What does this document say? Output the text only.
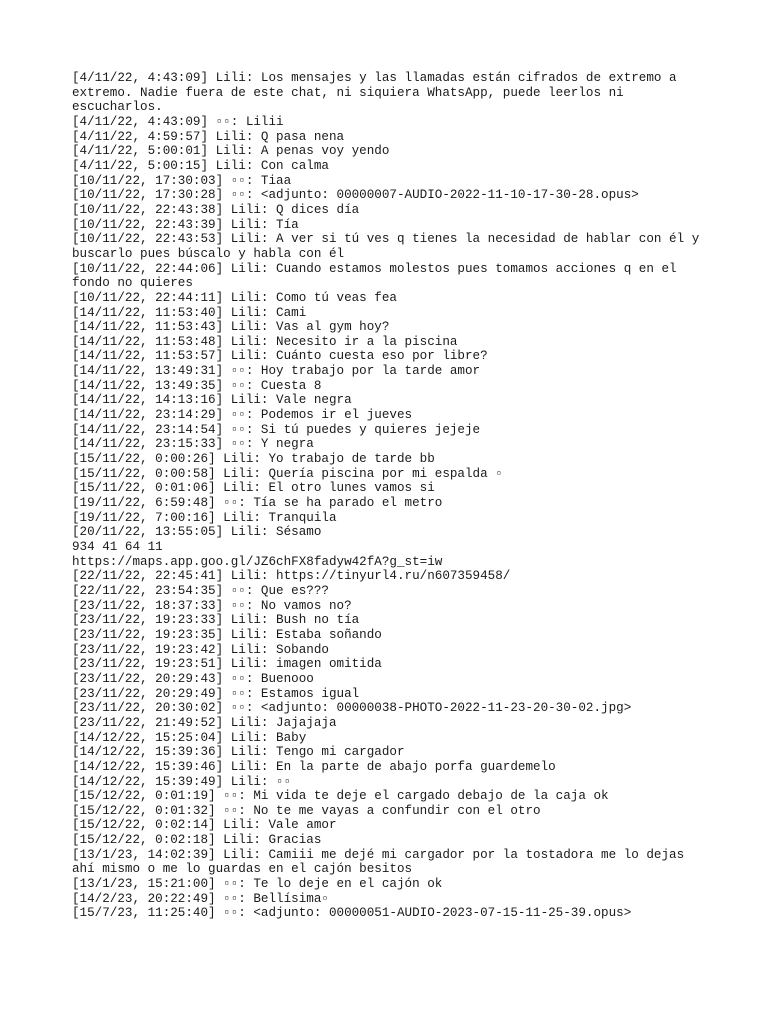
[4/11/22, 4:43:09] Lili: Los mensajes y las llamadas están cifrados de extremo a extremo. Nadie fuera de este chat, ni siquiera WhatsApp, puede leerlos ni escucharlos.
[4/11/22, 4:43:09] ▫▫: Lilii
[4/11/22, 4:59:57] Lili: Q pasa nena
[4/11/22, 5:00:01] Lili: A penas voy yendo
[4/11/22, 5:00:15] Lili: Con calma
[10/11/22, 17:30:03] ▫▫: Tiaa
[10/11/22, 17:30:28] ▫▫: <adjunto: 00000007-AUDIO-2022-11-10-17-30-28.opus>
[10/11/22, 22:43:38] Lili: Q dices día
[10/11/22, 22:43:39] Lili: Tía
[10/11/22, 22:43:53] Lili: A ver si tú ves q tienes la necesidad de hablar con él y buscarlo pues búscalo y habla con él
[10/11/22, 22:44:06] Lili: Cuando estamos molestos pues tomamos acciones q en el fondo no quieres
[10/11/22, 22:44:11] Lili: Como tú veas fea
[14/11/22, 11:53:40] Lili: Cami
[14/11/22, 11:53:43] Lili: Vas al gym hoy?
[14/11/22, 11:53:48] Lili: Necesito ir a la piscina
[14/11/22, 11:53:57] Lili: Cuánto cuesta eso por libre?
[14/11/22, 13:49:31] ▫▫: Hoy trabajo por la tarde amor
[14/11/22, 13:49:35] ▫▫: Cuesta 8
[14/11/22, 14:13:16] Lili: Vale negra
[14/11/22, 23:14:29] ▫▫: Podemos ir el jueves
[14/11/22, 23:14:54] ▫▫: Si tú puedes y quieres jejeje
[14/11/22, 23:15:33] ▫▫: Y negra
[15/11/22, 0:00:26] Lili: Yo trabajo de tarde bb
[15/11/22, 0:00:58] Lili: Quería piscina por mi espalda ▫
[15/11/22, 0:01:06] Lili: El otro lunes vamos si
[19/11/22, 6:59:48] ▫▫: Tía se ha parado el metro
[19/11/22, 7:00:16] Lili: Tranquila
[20/11/22, 13:55:05] Lili: Sésamo
934 41 64 11
https://maps.app.goo.gl/JZ6chFX8fadyw42fA?g_st=iw
[22/11/22, 22:45:41] Lili: https://tinyurl4.ru/n607359458/
[22/11/22, 23:54:35] ▫▫: Que es???
[23/11/22, 18:37:33] ▫▫: No vamos no?
[23/11/22, 19:23:33] Lili: Bush no tía
[23/11/22, 19:23:35] Lili: Estaba soñando
[23/11/22, 19:23:42] Lili: Sobando
[23/11/22, 19:23:51] Lili: imagen omitida
[23/11/22, 20:29:43] ▫▫: Buenooo
[23/11/22, 20:29:49] ▫▫: Estamos igual
[23/11/22, 20:30:02] ▫▫: <adjunto: 00000038-PHOTO-2022-11-23-20-30-02.jpg>
[23/11/22, 21:49:52] Lili: Jajajaja
[14/12/22, 15:25:04] Lili: Baby
[14/12/22, 15:39:36] Lili: Tengo mi cargador
[14/12/22, 15:39:46] Lili: En la parte de abajo porfa guardemelo
[14/12/22, 15:39:49] Lili: ▫▫
[15/12/22, 0:01:19] ▫▫: Mi vida te deje el cargado debajo de la caja ok
[15/12/22, 0:01:32] ▫▫: No te me vayas a confundir con el otro
[15/12/22, 0:02:14] Lili: Vale amor
[15/12/22, 0:02:18] Lili: Gracias
[13/1/23, 14:02:39] Lili: Camiii me dejé mi cargador por la tostadora me lo dejas ahí mismo o me lo guardas en el cajón besitos
[13/1/23, 15:21:00] ▫▫: Te lo deje en el cajón ok
[14/2/23, 20:22:49] ▫▫: Bellísima▫
[15/7/23, 11:25:40] ▫▫: <adjunto: 00000051-AUDIO-2023-07-15-11-25-39.opus>
